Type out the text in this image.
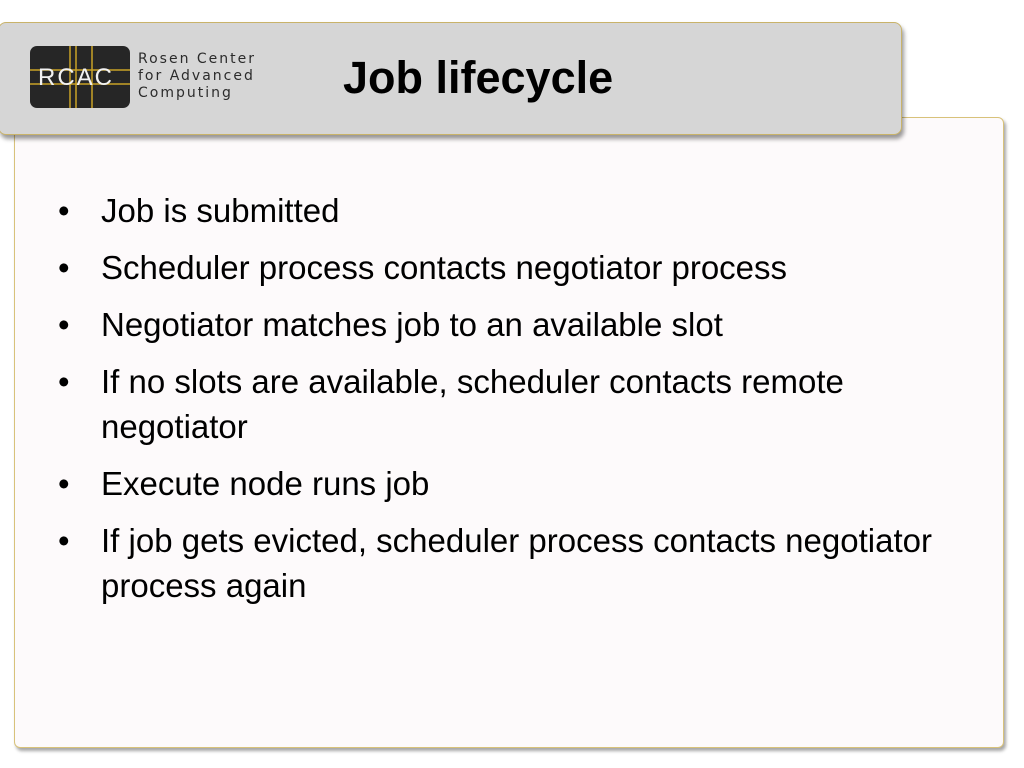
RCAC
Rosen Center
for Advanced
Computing	Job lifecycle
• Job is submitted
• Scheduler process contacts negotiator process
• Negotiator matches job to an available slot
• If no slots are available, scheduler contacts remote negotiator
• Execute node runs job
• If job gets evicted, scheduler process contacts negotiator process again
